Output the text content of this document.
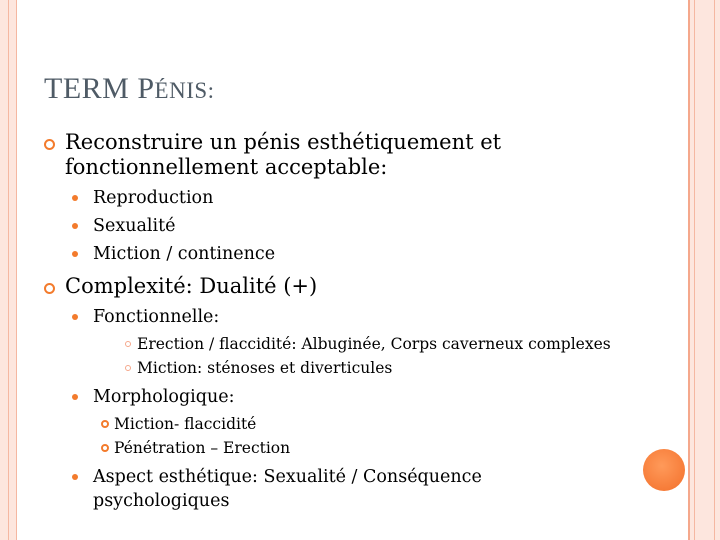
TERM PÉNIS:
Reconstruire un pénis esthétiquement et fonctionnellement acceptable:
Reproduction
Sexualité
Miction / continence
Complexité: Dualité (+)
Fonctionnelle:
Erection / flaccidité: Albuginée, Corps caverneux complexes
Miction: sténoses et diverticules
Morphologique:
Miction- flaccidité
Pénétration – Erection
Aspect esthétique: Sexualité / Conséquence psychologiques
